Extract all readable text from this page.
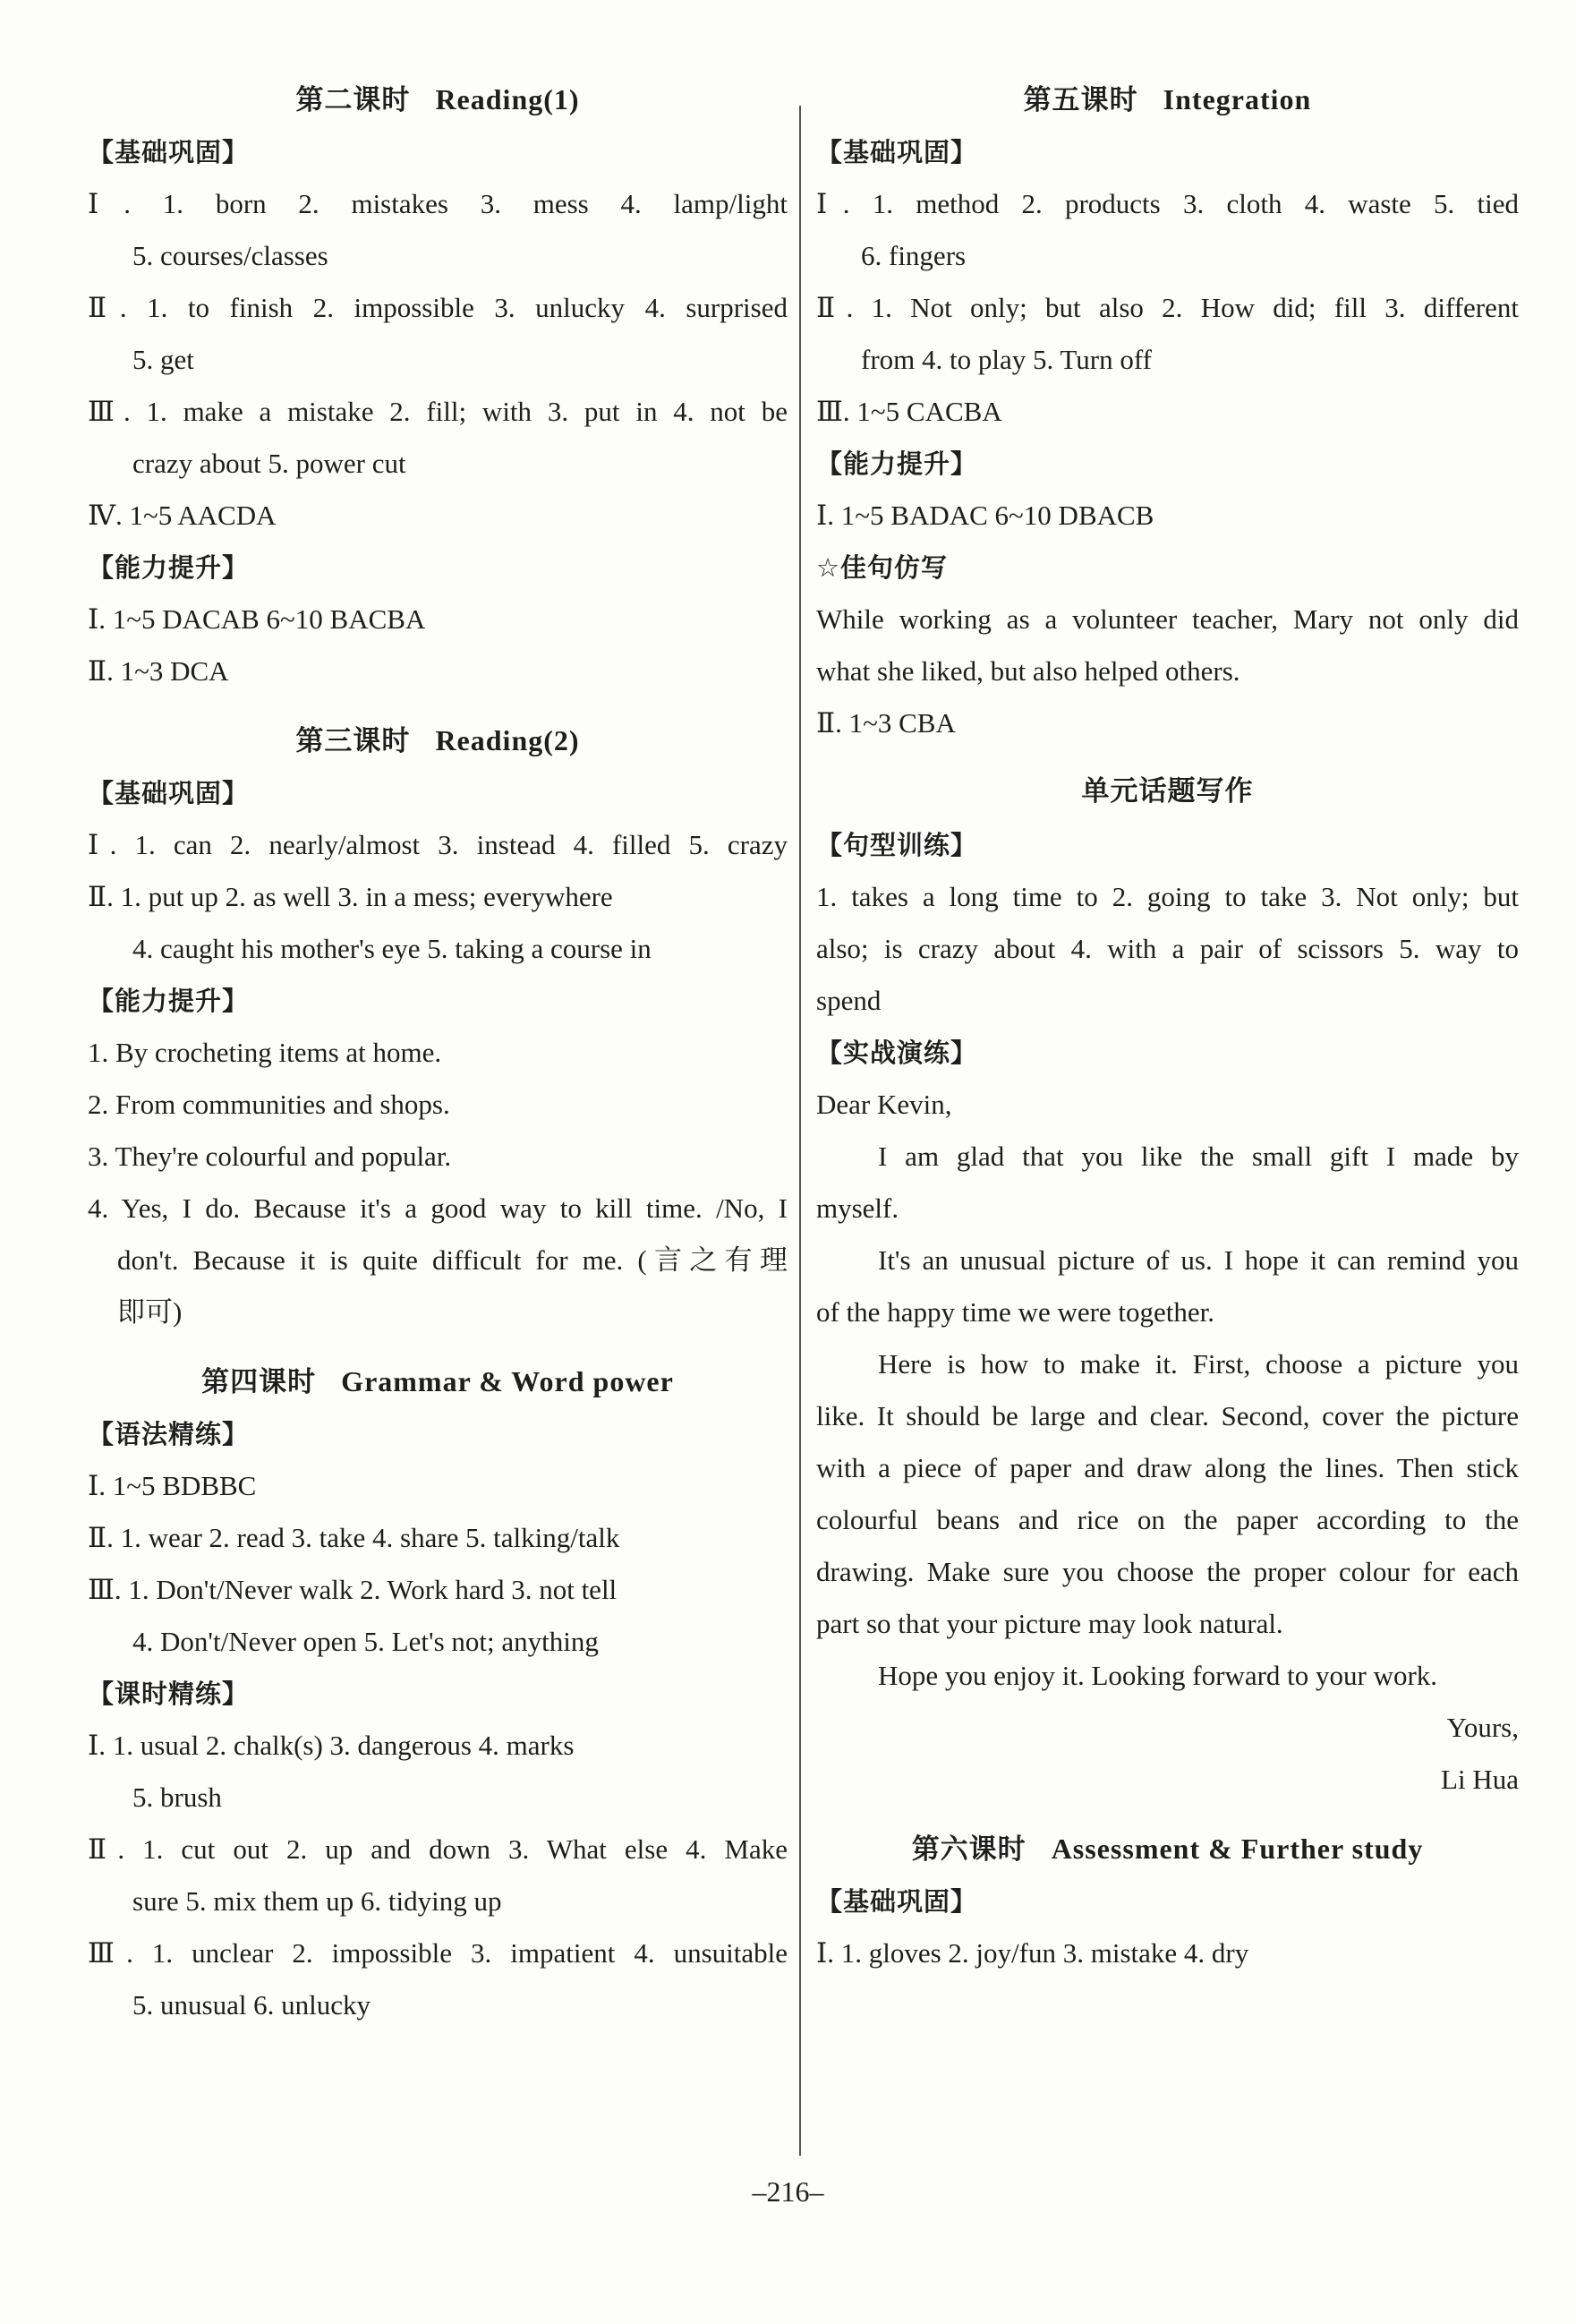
第二课时 Reading(1)
【基础巩固】
Ⅰ. 1. born 2. mistakes 3. mess 4. lamp/light
5. courses/classes
Ⅱ. 1. to finish 2. impossible 3. unlucky 4. surprised
5. get
Ⅲ. 1. make a mistake 2. fill; with 3. put in 4. not be
crazy about 5. power cut
Ⅳ. 1~5 AACDA
【能力提升】
Ⅰ. 1~5 DACAB 6~10 BACBA
Ⅱ. 1~3 DCA
第三课时 Reading(2)
【基础巩固】
Ⅰ. 1. can 2. nearly/almost 3. instead 4. filled 5. crazy
Ⅱ. 1. put up 2. as well 3. in a mess; everywhere
4. caught his mother's eye 5. taking a course in
【能力提升】
1. By crocheting items at home.
2. From communities and shops.
3. They're colourful and popular.
4. Yes, I do. Because it's a good way to kill time. /No, I
don't. Because it is quite difficult for me. (言之有理
即可)
第四课时 Grammar & Word power
【语法精练】
Ⅰ. 1~5 BDBBC
Ⅱ. 1. wear 2. read 3. take 4. share 5. talking/talk
Ⅲ. 1. Don't/Never walk 2. Work hard 3. not tell
4. Don't/Never open 5. Let's not; anything
【课时精练】
Ⅰ. 1. usual 2. chalk(s) 3. dangerous 4. marks
5. brush
Ⅱ. 1. cut out 2. up and down 3. What else 4. Make
sure 5. mix them up 6. tidying up
Ⅲ. 1. unclear 2. impossible 3. impatient 4. unsuitable
5. unusual 6. unlucky
第五课时 Integration
【基础巩固】
Ⅰ. 1. method 2. products 3. cloth 4. waste 5. tied
6. fingers
Ⅱ. 1. Not only; but also 2. How did; fill 3. different
from 4. to play 5. Turn off
Ⅲ. 1~5 CACBA
【能力提升】
Ⅰ. 1~5 BADAC 6~10 DBACB
☆佳句仿写
While working as a volunteer teacher, Mary not only did
what she liked, but also helped others.
Ⅱ. 1~3 CBA
单元话题写作
【句型训练】
1. takes a long time to 2. going to take 3. Not only; but
also; is crazy about 4. with a pair of scissors 5. way to
spend
【实战演练】
Dear Kevin,
I am glad that you like the small gift I made by
myself.
It's an unusual picture of us. I hope it can remind you
of the happy time we were together.
Here is how to make it. First, choose a picture you
like. It should be large and clear. Second, cover the picture
with a piece of paper and draw along the lines. Then stick
colourful beans and rice on the paper according to the
drawing. Make sure you choose the proper colour for each
part so that your picture may look natural.
Hope you enjoy it. Looking forward to your work.
Yours,
Li Hua
第六课时 Assessment & Further study
【基础巩固】
Ⅰ. 1. gloves 2. joy/fun 3. mistake 4. dry
–216–
